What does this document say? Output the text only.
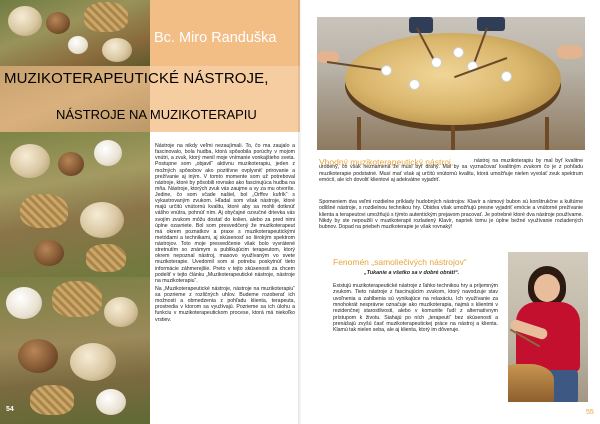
Bc. Miro Randuška
MUZIKOTERAPEUTICKÉ NÁSTROJE,
NÁSTROJE NA MUZIKOTERAPIU

Nástroje na nikdy veľmi nezaujímali. To, čo ma zaujalo a fascinovalo, bola hudba, ktorá spôsobila porúchy v mojom vnútri, a zvuk, ktorý menil moje vnímanie vonkajšieho sveta. Postupne som „objavil“ aktívnu muzikoterapiu, jeden z možných spôsobov ako pozitívne ovplyvniť prirovanie a prežívanie aj iným. V tomto momente som už potreboval nástroje, ktoré by pôsobili rovnako ako fascinujúca hudba na mňa. Nástroje, ktorých zvuk vás zaujme a vy za mu otvoríte. Jedine, čo som včade našiel, bol „Orffov kufrík“ s vykastrovaným zvukom. Hľadal som však nástroje, ktoré majú určitú vnútornú kvalitu, ktoré aby sa mohli dotknúť vášho vnútra, pohnúť ním. Aj obyčajné ozvučné drievka vás svojím zvukom môžu dostať do kolien, alebo za pred nimi úplne ozavriete. Bol som presvedčený že muzikoterapeut má okrem poznatkov a praxe s muzikoterapeutickými metódami a technikami, aj skúsenosť so širokým spektrom nástrojov. Toto moje presvedčenie však bolo vyvrátené stretnutím so známym a publikujúcim terapeutom, ktorý okrem nepoznal nástroj, masovo využívaným vo svete muzikoterapie. Uvedomil som si potrebu poskytnúť tieto informácie záhmerejšie. Preto v tejto skúsenosti za chcem podeliť v tejto článku „Muzikoterapeutické nástroje, nástroje na muzikoterapiu“.

Na „Muzikoterapeutické nástroje, nástroje na muzikoterapiu“ sa pozrieme z rozličných uhlov. Budeme rozoberať ich možnosti a obmedzenia z pohľadu klienta, terapeuta, prostredia v ktorom sa využívajú. Pozrieme sa ich úlohu a funkciu v muzikoterapeutickom procese, ktorá má niekoľko vrstiev.

54
Vhodný muzikoterapeutický nástroj,	nástroj na muzikoterapiu by mal byť kvalitne urobený, čo však neznamená že musí byť drahý. Mal by sa vyznačovať kvalitným zvukom čo je z pohľadu muzikoterapie podstatné. Musí mať však aj určitú vnútornú kvalitu, ktorá umožňuje nielen vyvolať zvuk spektrum emócií, ale ich dovoliť klientovi aj adekvátne vyjadriť.
Spomeniem dva veľmi rozdielne príklady hudobných nástrojov. Klavír a rámový bubon sú konštrukčne a kultúrne odlišné nástroje, s rozdielnou technikou hry. Obidva však umožňujú presne vyjadriť emócie a vnútorné prežívanie klienta a terapeutovi umožňujú s týmto autentickým prejavom pracovať. Je potrebné ktoré dva nástroje používame. Nikdy by ste nepoužili v muzikoterapii rozladený Klavír, napriek tomu je úplne bežné využívanie rozladených bubnov. Dopad na priebeh muzikoterapie je však rovnaký!
Fenomén „samoliečivých nástrojov“
„Tukanie a všetko sa v dobré obráti“.
Existujú muzikoterapeutické nástroje z ľahko technikou hry a príjemným zvukom. Tieto nástroje z fascinujúcim zvukom, ktorý navodzuje stav uvoľnenia a zahlbenia sú vynikajúce na relaxáciu. Ich využívanie za mnohokrát nesprávne označuje ako muzikoterapia, najmä s klientmi v rezidenčnej starostlivosti, alebo v komunite ľudí z alternatívnym prístupom k životu. Siahajú po ních „terapeuti“ bez skúseností a prenášajú zvyšú časť muzikoterapeutickej práce na nástroj a klienta. Klamú tak nielen seba, ale aj klienta, ktorý im dôveruje.
55
